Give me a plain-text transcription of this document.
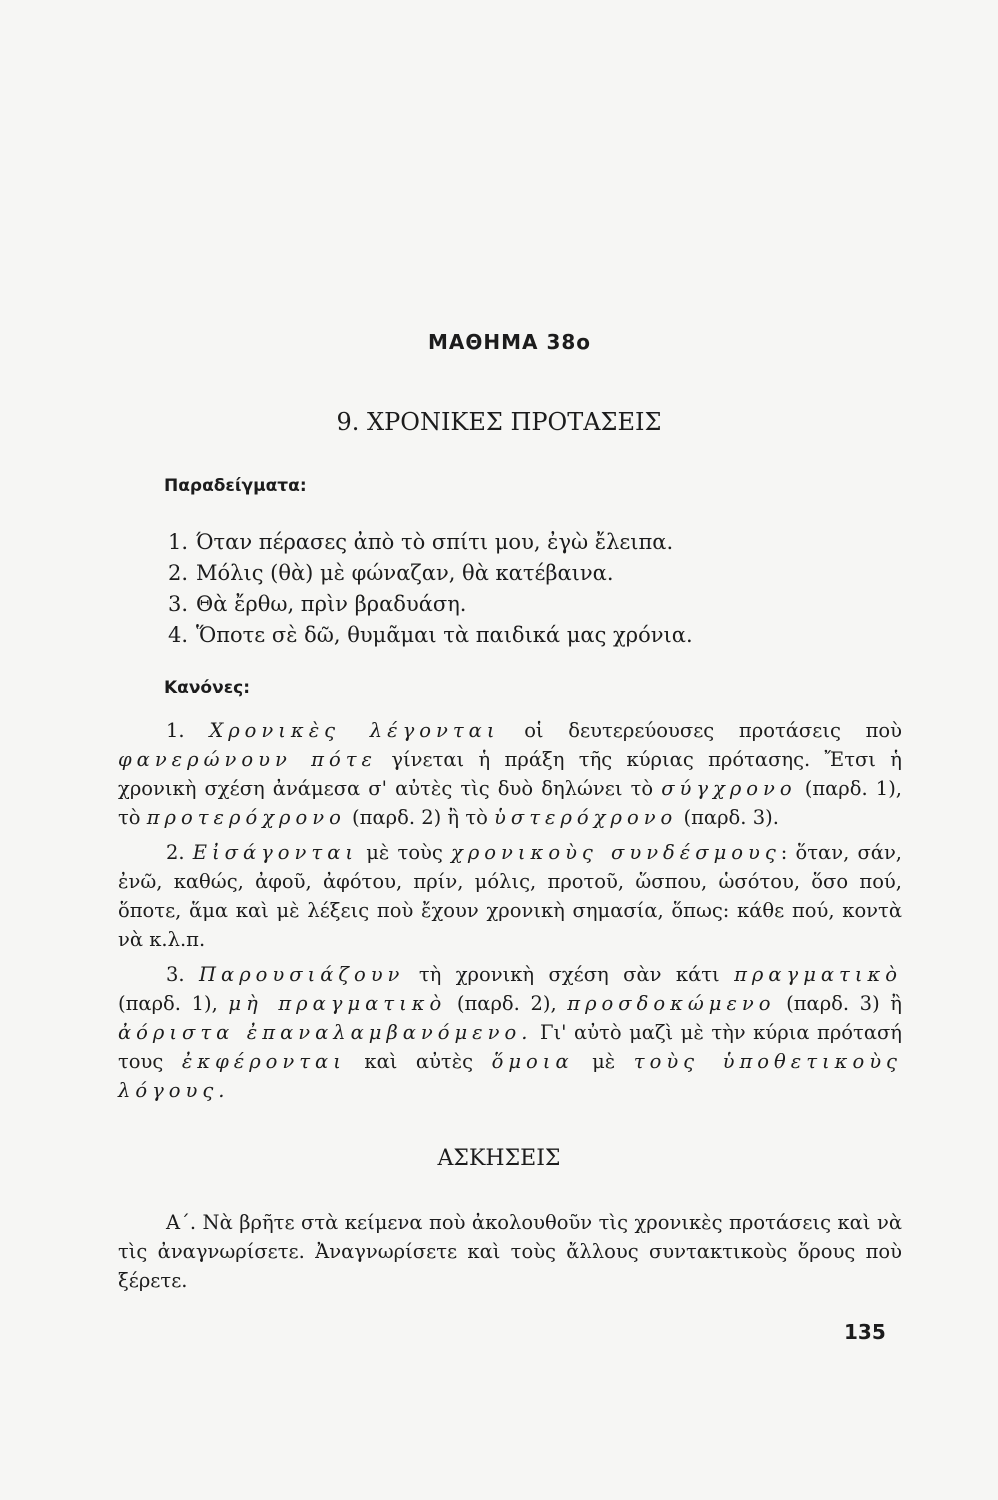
ΜΑΘΗΜΑ 38ο
9. ΧΡΟΝΙΚΕΣ ΠΡΟΤΑΣΕΙΣ
Παραδείγματα:
1. Όταν πέρασες ἀπὸ τὸ σπίτι μου, ἐγὼ ἔλειπα.
2. Μόλις (θὰ) μὲ φώναζαν, θὰ κατέβαινα.
3. Θὰ ἔρθω, πρὶν βραδυάση.
4. Ὅποτε σὲ δῶ, θυμᾶμαι τὰ παιδικά μας χρόνια.
Κανόνες:

1. Χρονικὲς λέγονται οἱ δευτερεύουσες προτάσεις ποὺ φανερώνουν πότε γίνεται ἡ πράξη τῆς κύριας πρότασης. Ἔτσι ἡ χρονικὴ σχέση ἀνάμεσα σ' αὐτὲς τὶς δυὸ δηλώνει τὸ σύγχρονο (παρδ. 1), τὸ προτερόχρονο (παρδ. 2) ἢ τὸ ὑστερόχρονο (παρδ. 3).

2. Εἰσάγονται μὲ τοὺς χρονικοὺς συνδέσμους: ὅταν, σάν, ἐνῶ, καθώς, ἀφοῦ, ἀφότου, πρίν, μόλις, προτοῦ, ὥσπου, ὡσότου, ὅσο πού, ὅποτε, ἅμα καὶ μὲ λέξεις ποὺ ἔχουν χρονικὴ σημασία, ὅπως: κάθε πού, κοντὰ νὰ κ.λ.π.

3. Παρουσιάζουν τὴ χρονικὴ σχέση σὰν κάτι πραγματικὸ (παρδ. 1), μὴ πραγματικὸ (παρδ. 2), προσδοκώμενο (παρδ. 3) ἢ ἀόριστα ἐπαναλαμβανόμενο. Γι' αὐτὸ μαζὶ μὲ τὴν κύρια πρότασή τους ἐκφέρονται καὶ αὐτὲς ὅμοια μὲ τοὺς ὑποθετικοὺς λόγους.

ΑΣΚΗΣΕΙΣ

Α΄. Νὰ βρῆτε στὰ κείμενα ποὺ ἀκολουθοῦν τὶς χρονικὲς προτάσεις καὶ νὰ τὶς ἀναγνωρίσετε. Ἀναγνωρίσετε καὶ τοὺς ἄλλους συντακτικοὺς ὅρους ποὺ ξέρετε.

135
